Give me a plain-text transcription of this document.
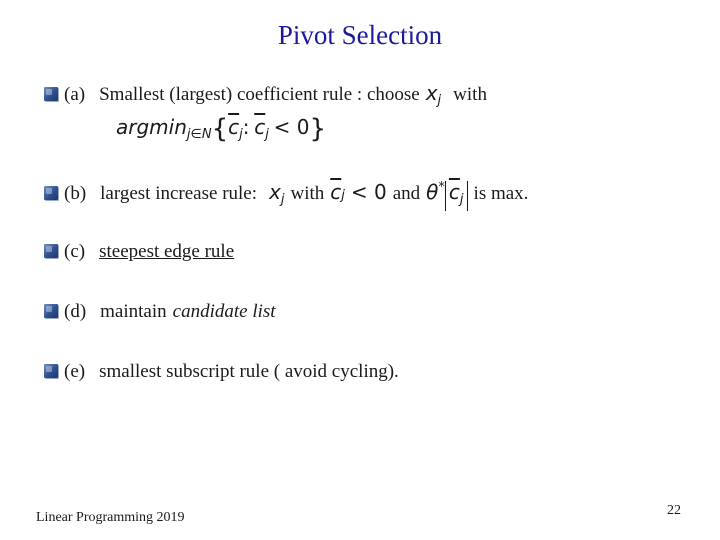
Pivot Selection
(a) Smallest (largest) coefficient rule : choose $x_j$ with
$argmin_{j\in N}\{\overline{c}_j$: $\overline{c}_j < 0$}
(b) largest increase rule: $x_j$ with $\overline{c}$ j < 0 and θ* $\overline{c}_j$ is max.
(c) steepest edge rule
(d) maintain candidate list
(e) smallest subscript rule ( avoid cycling).
Linear Programming 2019	22
